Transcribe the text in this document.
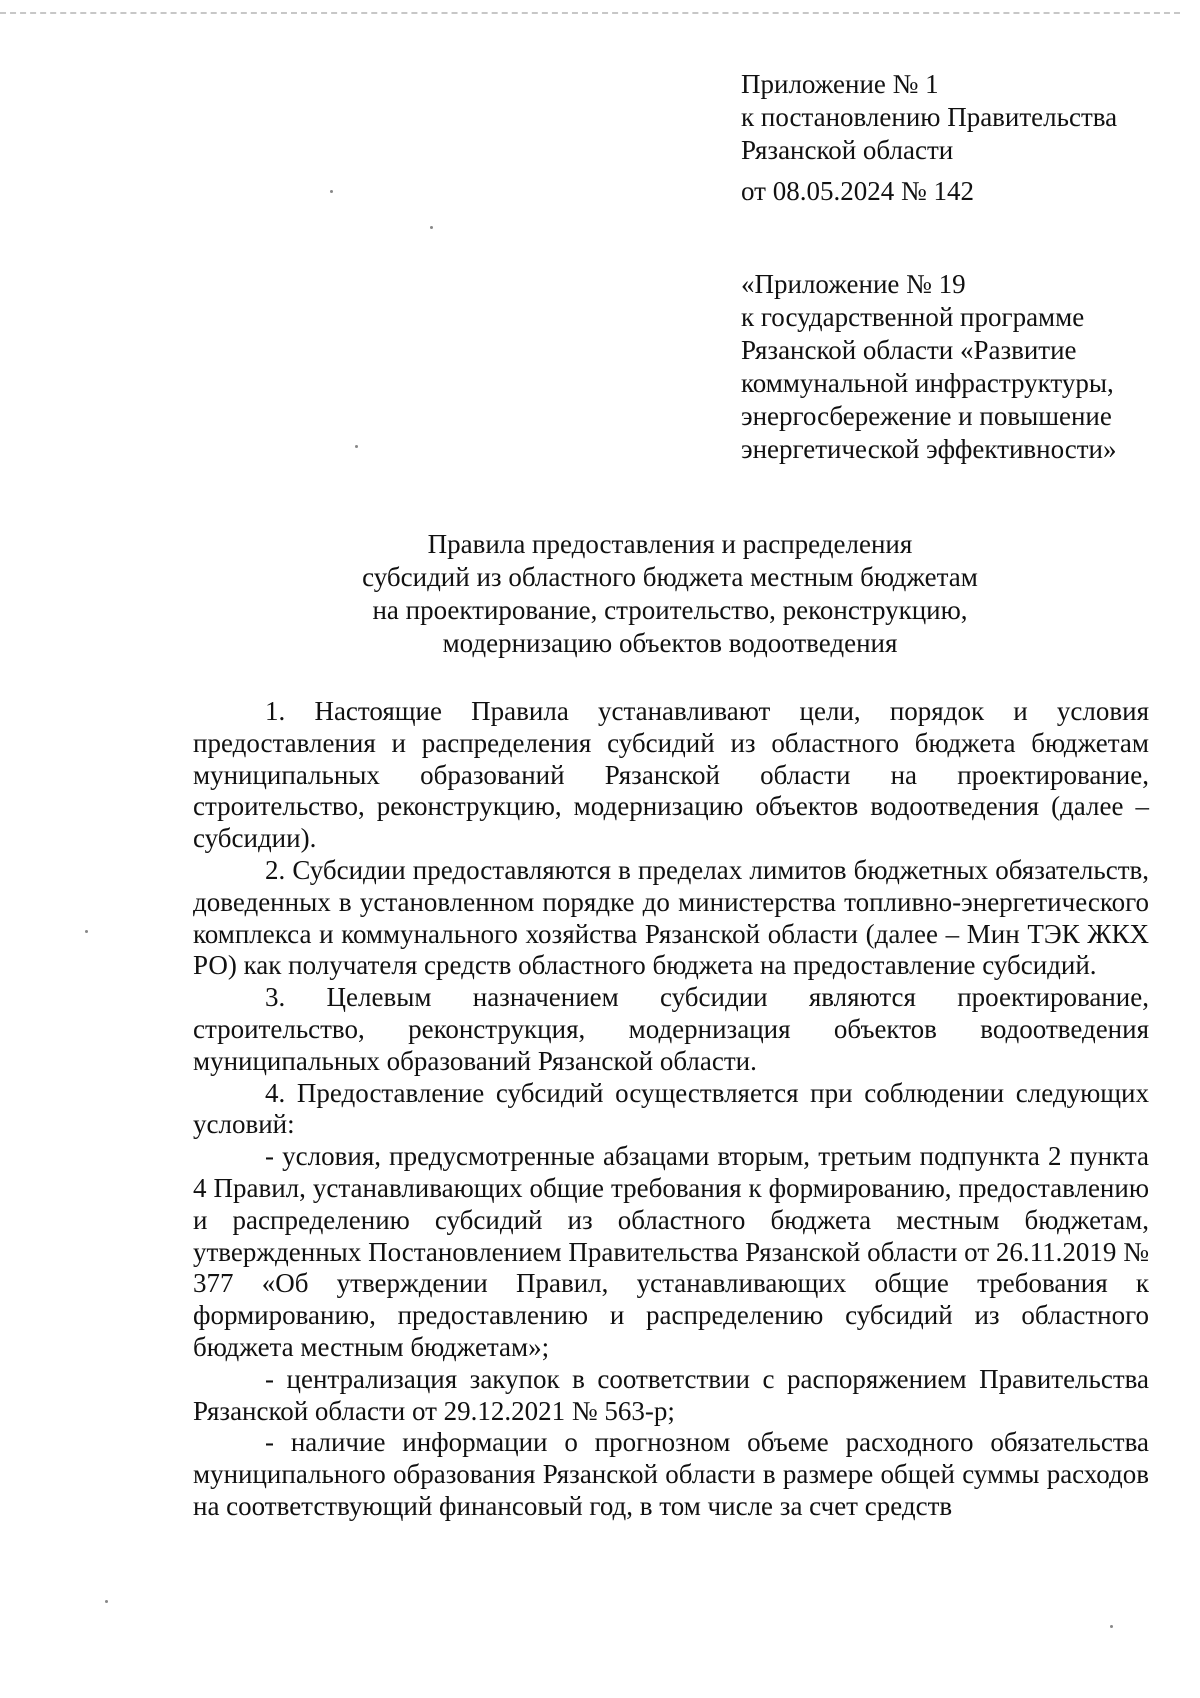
Приложение № 1
к постановлению Правительства
Рязанской области
от 08.05.2024 № 142
«Приложение № 19
к государственной программе
Рязанской области «Развитие
коммунальной инфраструктуры,
энергосбережение и повышение
энергетической эффективности»
Правила предоставления и распределения
субсидий из областного бюджета местным бюджетам
на проектирование, строительство, реконструкцию,
модернизацию объектов водоотведения

1. Настоящие Правила устанавливают цели, порядок и условия предоставления и распределения субсидий из областного бюджета бюджетам муниципальных образований Рязанской области на проектирование, строительство, реконструкцию, модернизацию объектов водоотведения (далее – субсидии).

2. Субсидии предоставляются в пределах лимитов бюджетных обязательств, доведенных в установленном порядке до министерства топливно-энергетического комплекса и коммунального хозяйства Рязанской области (далее – Мин ТЭК ЖКХ РО) как получателя средств областного бюджета на предоставление субсидий.

3. Целевым назначением субсидии являются проектирование, строительство, реконструкция, модернизация объектов водоотведения муниципальных образований Рязанской области.

4. Предоставление субсидий осуществляется при соблюдении следующих условий:

- условия, предусмотренные абзацами вторым, третьим подпункта 2 пункта 4 Правил, устанавливающих общие требования к формированию, предоставлению и распределению субсидий из областного бюджета местным бюджетам, утвержденных Постановлением Правительства Рязанской области от 26.11.2019 № 377 «Об утверждении Правил, устанавливающих общие требования к формированию, предоставлению и распределению субсидий из областного бюджета местным бюджетам»;

- централизация закупок в соответствии с распоряжением Правительства Рязанской области от 29.12.2021 № 563-р;

- наличие информации о прогнозном объеме расходного обязательства муниципального образования Рязанской области в размере общей суммы расходов на соответствующий финансовый год, в том числе за счет средств
